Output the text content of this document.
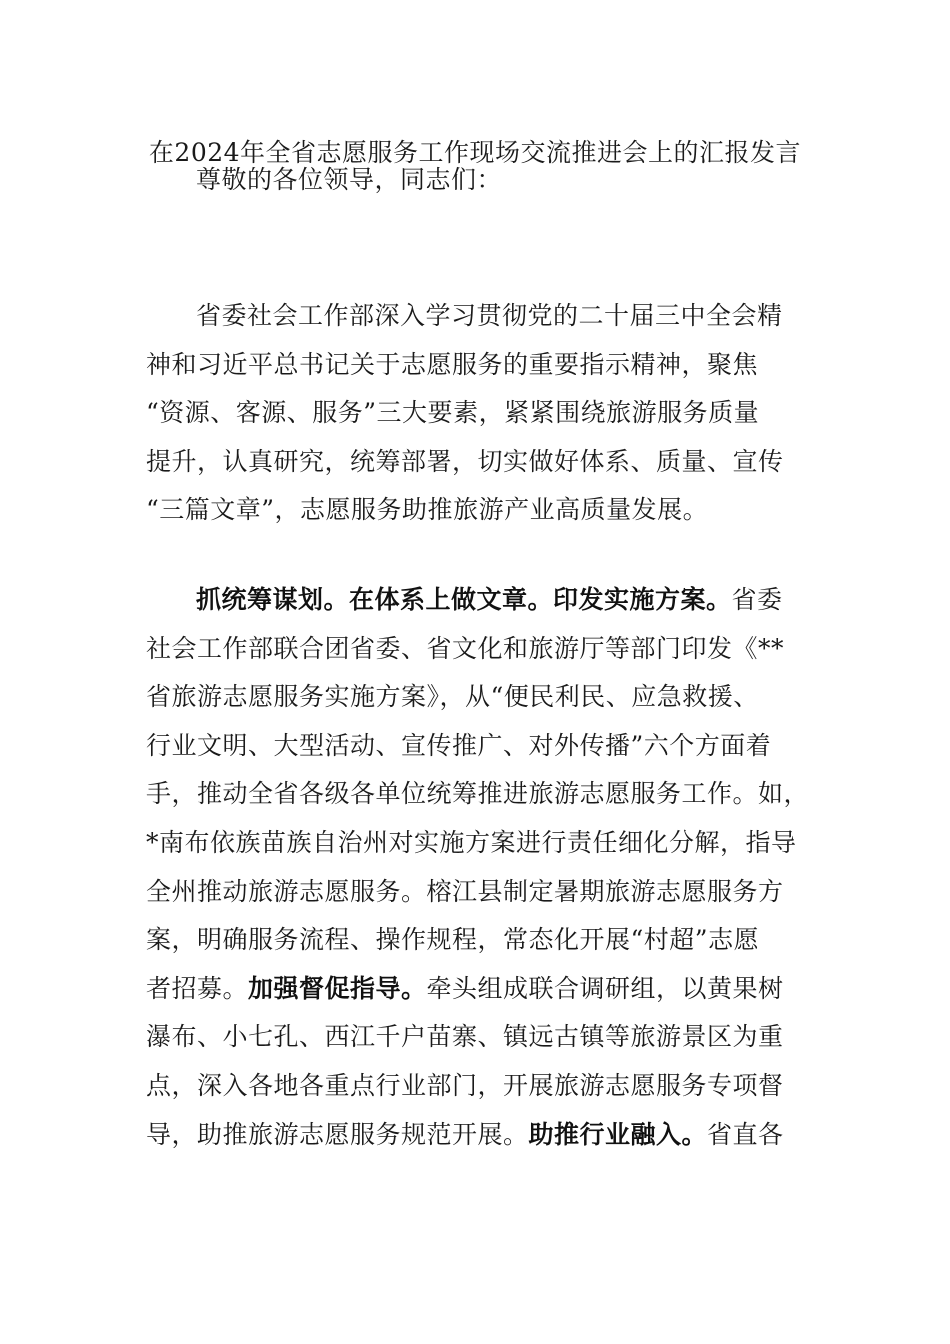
在2024年全省志愿服务工作现场交流推进会上的汇报发言
尊敬的各位领导，同志们：
省委社会工作部深入学习贯彻党的二十届三中全会精
神和习近平总书记关于志愿服务的重要指示精神，聚焦
“资源、客源、服务”三大要素，紧紧围绕旅游服务质量
提升，认真研究，统筹部署，切实做好体系、质量、宣传
“三篇文章”，志愿服务助推旅游产业高质量发展。
抓统筹谋划。在体系上做文章。印发实施方案。省委
社会工作部联合团省委、省文化和旅游厅等部门印发《**
省旅游志愿服务实施方案》，从“便民利民、应急救援、
行业文明、大型活动、宣传推广、对外传播”六个方面着
手，推动全省各级各单位统筹推进旅游志愿服务工作。如，
*南布依族苗族自治州对实施方案进行责任细化分解，指导
全州推动旅游志愿服务。榕江县制定暑期旅游志愿服务方
案，明确服务流程、操作规程，常态化开展“村超”志愿
者招募。加强督促指导。牵头组成联合调研组，以黄果树
瀑布、小七孔、西江千户苗寨、镇远古镇等旅游景区为重
点，深入各地各重点行业部门，开展旅游志愿服务专项督
导，助推旅游志愿服务规范开展。助推行业融入。省直各
